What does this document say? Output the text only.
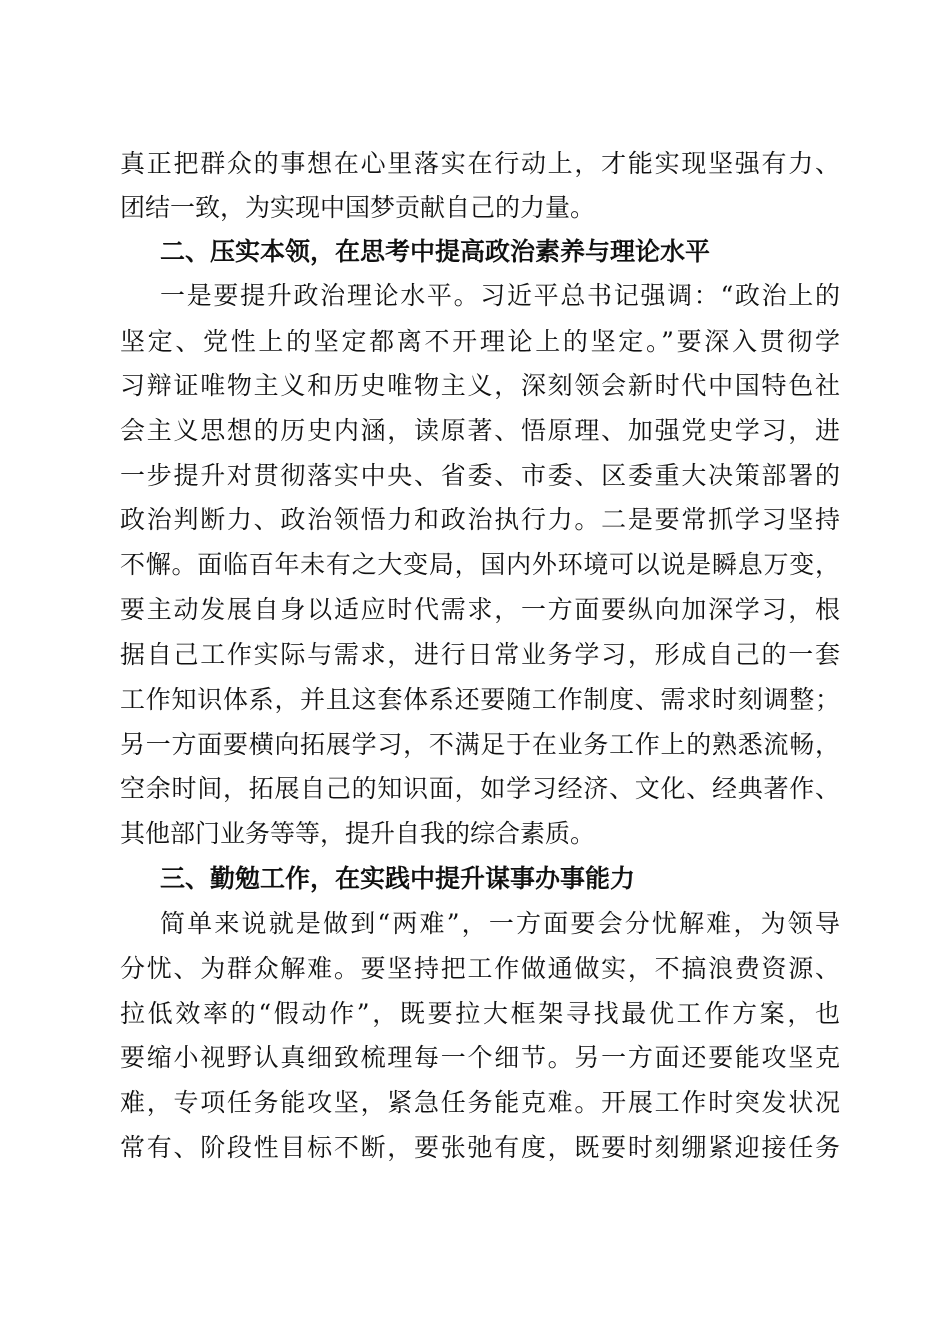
真正把群众的事想在心里落实在行动上，才能实现坚强有力、
团结一致，为实现中国梦贡献自己的力量。
二、压实本领，在思考中提高政治素养与理论水平
一是要提升政治理论水平。习近平总书记强调：“政治上的
坚定、党性上的坚定都离不开理论上的坚定。”要深入贯彻学
习辩证唯物主义和历史唯物主义，深刻领会新时代中国特色社
会主义思想的历史内涵，读原著、悟原理、加强党史学习，进
一步提升对贯彻落实中央、省委、市委、区委重大决策部署的
政治判断力、政治领悟力和政治执行力。二是要常抓学习坚持
不懈。面临百年未有之大变局，国内外环境可以说是瞬息万变，
要主动发展自身以适应时代需求，一方面要纵向加深学习，根
据自己工作实际与需求，进行日常业务学习，形成自己的一套
工作知识体系，并且这套体系还要随工作制度、需求时刻调整；
另一方面要横向拓展学习，不满足于在业务工作上的熟悉流畅，
空余时间，拓展自己的知识面，如学习经济、文化、经典著作、
其他部门业务等等，提升自我的综合素质。
三、勤勉工作，在实践中提升谋事办事能力
简单来说就是做到“两难”，一方面要会分忧解难，为领导
分忧、为群众解难。要坚持把工作做通做实，不搞浪费资源、
拉低效率的“假动作”，既要拉大框架寻找最优工作方案，也
要缩小视野认真细致梳理每一个细节。另一方面还要能攻坚克
难，专项任务能攻坚，紧急任务能克难。开展工作时突发状况
常有、阶段性目标不断，要张弛有度，既要时刻绷紧迎接任务
